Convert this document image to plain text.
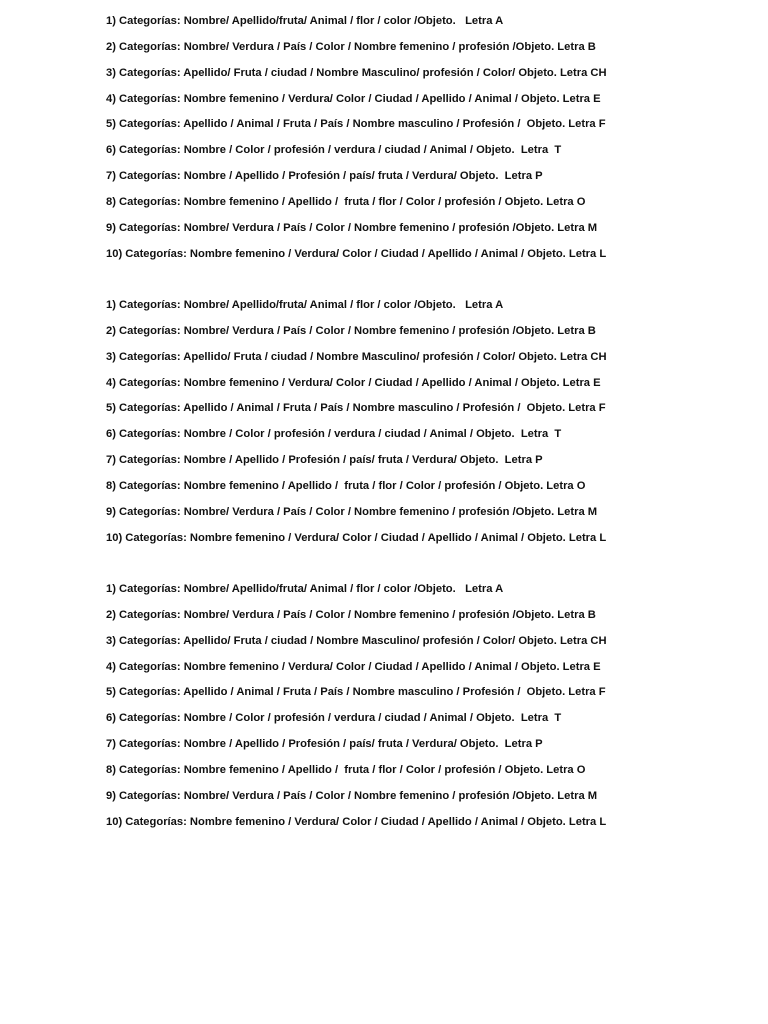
1) Categorías: Nombre/ Apellido/fruta/ Animal / flor / color /Objeto.   Letra A
2) Categorías: Nombre/ Verdura / País / Color / Nombre femenino / profesión /Objeto. Letra B
3) Categorías: Apellido/ Fruta / ciudad / Nombre Masculino/ profesión / Color/ Objeto. Letra CH
4) Categorías: Nombre femenino / Verdura/ Color / Ciudad / Apellido / Animal / Objeto. Letra E
5) Categorías: Apellido / Animal / Fruta / País / Nombre masculino / Profesión /  Objeto. Letra F
6) Categorías: Nombre / Color / profesión / verdura / ciudad / Animal / Objeto.  Letra  T
7) Categorías: Nombre / Apellido / Profesión / país/ fruta / Verdura/ Objeto.  Letra P
8) Categorías: Nombre femenino / Apellido /  fruta / flor / Color / profesión / Objeto. Letra O
9) Categorías: Nombre/ Verdura / País / Color / Nombre femenino / profesión /Objeto. Letra M
10) Categorías: Nombre femenino / Verdura/ Color / Ciudad / Apellido / Animal / Objeto. Letra L
1) Categorías: Nombre/ Apellido/fruta/ Animal / flor / color /Objeto.   Letra A
2) Categorías: Nombre/ Verdura / País / Color / Nombre femenino / profesión /Objeto. Letra B
3) Categorías: Apellido/ Fruta / ciudad / Nombre Masculino/ profesión / Color/ Objeto. Letra CH
4) Categorías: Nombre femenino / Verdura/ Color / Ciudad / Apellido / Animal / Objeto. Letra E
5) Categorías: Apellido / Animal / Fruta / País / Nombre masculino / Profesión /  Objeto. Letra F
6) Categorías: Nombre / Color / profesión / verdura / ciudad / Animal / Objeto.  Letra  T
7) Categorías: Nombre / Apellido / Profesión / país/ fruta / Verdura/ Objeto.  Letra P
8) Categorías: Nombre femenino / Apellido /  fruta / flor / Color / profesión / Objeto. Letra O
9) Categorías: Nombre/ Verdura / País / Color / Nombre femenino / profesión /Objeto. Letra M
10) Categorías: Nombre femenino / Verdura/ Color / Ciudad / Apellido / Animal / Objeto. Letra L
1) Categorías: Nombre/ Apellido/fruta/ Animal / flor / color /Objeto.   Letra A
2) Categorías: Nombre/ Verdura / País / Color / Nombre femenino / profesión /Objeto. Letra B
3) Categorías: Apellido/ Fruta / ciudad / Nombre Masculino/ profesión / Color/ Objeto. Letra CH
4) Categorías: Nombre femenino / Verdura/ Color / Ciudad / Apellido / Animal / Objeto. Letra E
5) Categorías: Apellido / Animal / Fruta / País / Nombre masculino / Profesión /  Objeto. Letra F
6) Categorías: Nombre / Color / profesión / verdura / ciudad / Animal / Objeto.  Letra  T
7) Categorías: Nombre / Apellido / Profesión / país/ fruta / Verdura/ Objeto.  Letra P
8) Categorías: Nombre femenino / Apellido /  fruta / flor / Color / profesión / Objeto. Letra O
9) Categorías: Nombre/ Verdura / País / Color / Nombre femenino / profesión /Objeto. Letra M
10) Categorías: Nombre femenino / Verdura/ Color / Ciudad / Apellido / Animal / Objeto. Letra L
